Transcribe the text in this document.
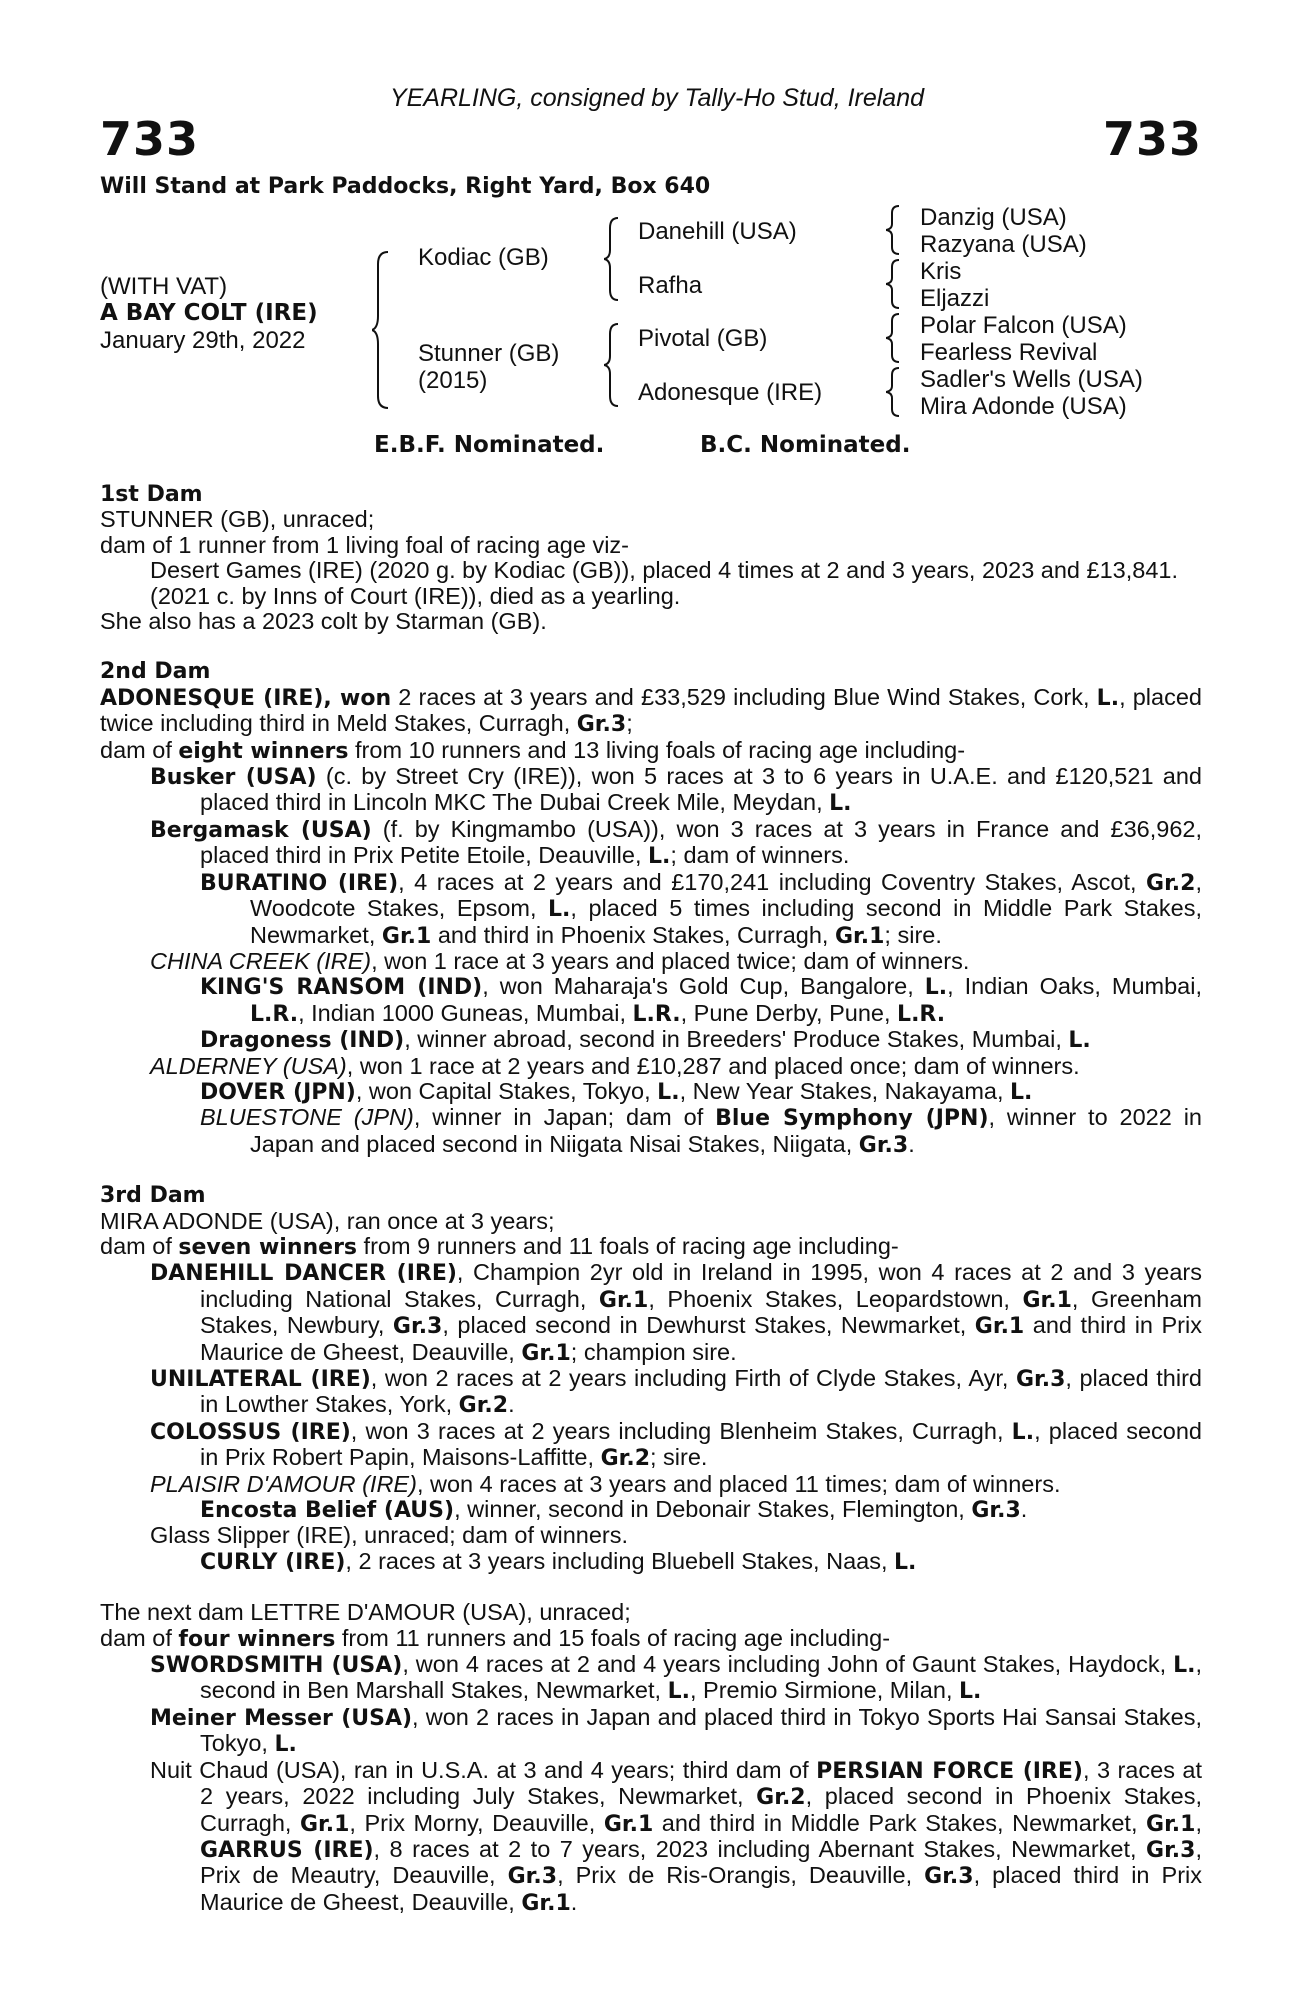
YEARLING, consigned by Tally-Ho Stud, Ireland
733	733
Will Stand at Park Paddocks, Right Yard, Box 640
(WITH VAT)
A BAY COLT (IRE)
January 29th, 2022
Kodiac (GB)
Stunner (GB)
(2015)
Danehill (USA)
Rafha
Pivotal (GB)
Adonesque (IRE)
Danzig (USA)
Razyana (USA)
Kris
Eljazzi
Polar Falcon (USA)
Fearless Revival
Sadler's Wells (USA)
Mira Adonde (USA)
E.B.F. Nominated.	B.C. Nominated.
1st Dam
STUNNER (GB), unraced;
dam of 1 runner from 1 living foal of racing age viz-
Desert Games (IRE) (2020 g. by Kodiac (GB)), placed 4 times at 2 and 3 years, 2023 and £13,841.
(2021 c. by Inns of Court (IRE)), died as a yearling.
She also has a 2023 colt by Starman (GB).
2nd Dam
ADONESQUE (IRE), won 2 races at 3 years and £33,529 including Blue Wind Stakes, Cork, L., placed twice including third in Meld Stakes, Curragh, Gr.3;
dam of eight winners from 10 runners and 13 living foals of racing age including-
Busker (USA) (c. by Street Cry (IRE)), won 5 races at 3 to 6 years in U.A.E. and £120,521 and placed third in Lincoln MKC The Dubai Creek Mile, Meydan, L.
Bergamask (USA) (f. by Kingmambo (USA)), won 3 races at 3 years in France and £36,962, placed third in Prix Petite Etoile, Deauville, L.; dam of winners.
BURATINO (IRE), 4 races at 2 years and £170,241 including Coventry Stakes, Ascot, Gr.2, Woodcote Stakes, Epsom, L., placed 5 times including second in Middle Park Stakes, Newmarket, Gr.1 and third in Phoenix Stakes, Curragh, Gr.1; sire.
CHINA CREEK (IRE), won 1 race at 3 years and placed twice; dam of winners.
KING'S RANSOM (IND), won Maharaja's Gold Cup, Bangalore, L., Indian Oaks, Mumbai, L.R., Indian 1000 Guneas, Mumbai, L.R., Pune Derby, Pune, L.R.
Dragoness (IND), winner abroad, second in Breeders' Produce Stakes, Mumbai, L.
ALDERNEY (USA), won 1 race at 2 years and £10,287 and placed once; dam of winners.
DOVER (JPN), won Capital Stakes, Tokyo, L., New Year Stakes, Nakayama, L.
BLUESTONE (JPN), winner in Japan; dam of Blue Symphony (JPN), winner to 2022 in Japan and placed second in Niigata Nisai Stakes, Niigata, Gr.3.
3rd Dam
MIRA ADONDE (USA), ran once at 3 years;
dam of seven winners from 9 runners and 11 foals of racing age including-
DANEHILL DANCER (IRE), Champion 2yr old in Ireland in 1995, won 4 races at 2 and 3 years including National Stakes, Curragh, Gr.1, Phoenix Stakes, Leopardstown, Gr.1, Greenham Stakes, Newbury, Gr.3, placed second in Dewhurst Stakes, Newmarket, Gr.1 and third in Prix Maurice de Gheest, Deauville, Gr.1; champion sire.
UNILATERAL (IRE), won 2 races at 2 years including Firth of Clyde Stakes, Ayr, Gr.3, placed third in Lowther Stakes, York, Gr.2.
COLOSSUS (IRE), won 3 races at 2 years including Blenheim Stakes, Curragh, L., placed second in Prix Robert Papin, Maisons-Laffitte, Gr.2; sire.
PLAISIR D'AMOUR (IRE), won 4 races at 3 years and placed 11 times; dam of winners.
Encosta Belief (AUS), winner, second in Debonair Stakes, Flemington, Gr.3.
Glass Slipper (IRE), unraced; dam of winners.
CURLY (IRE), 2 races at 3 years including Bluebell Stakes, Naas, L.
The next dam LETTRE D'AMOUR (USA), unraced;
dam of four winners from 11 runners and 15 foals of racing age including-
SWORDSMITH (USA), won 4 races at 2 and 4 years including John of Gaunt Stakes, Haydock, L., second in Ben Marshall Stakes, Newmarket, L., Premio Sirmione, Milan, L.
Meiner Messer (USA), won 2 races in Japan and placed third in Tokyo Sports Hai Sansai Stakes, Tokyo, L.
Nuit Chaud (USA), ran in U.S.A. at 3 and 4 years; third dam of PERSIAN FORCE (IRE), 3 races at 2 years, 2022 including July Stakes, Newmarket, Gr.2, placed second in Phoenix Stakes, Curragh, Gr.1, Prix Morny, Deauville, Gr.1 and third in Middle Park Stakes, Newmarket, Gr.1, GARRUS (IRE), 8 races at 2 to 7 years, 2023 including Abernant Stakes, Newmarket, Gr.3, Prix de Meautry, Deauville, Gr.3, Prix de Ris-Orangis, Deauville, Gr.3, placed third in Prix Maurice de Gheest, Deauville, Gr.1.
